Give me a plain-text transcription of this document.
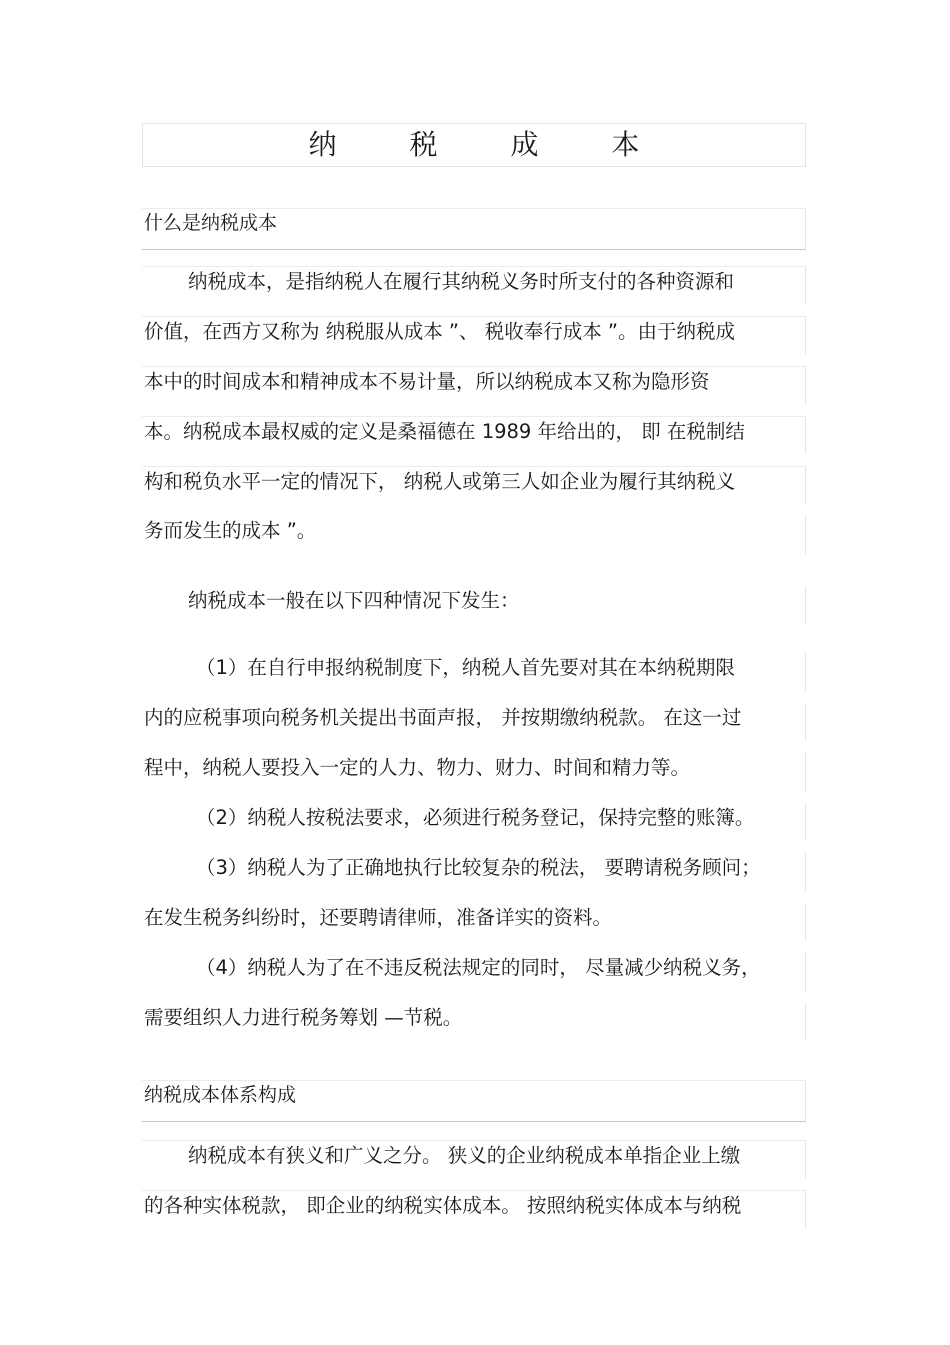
纳 税 成 本
什么是纳税成本
纳税成本，是指纳税人在履行其纳税义务时所支付的各种资源和
价值，在西方又称为 纳税服从成本 ”、 税收奉行成本 ”。由于纳税成
本中的时间成本和精神成本不易计量，所以纳税成本又称为隐形资
本。纳税成本最权威的定义是桑福德在 1989 年给出的， 即 在税制结
构和税负水平一定的情况下， 纳税人或第三人如企业为履行其纳税义
务而发生的成本 ”。
纳税成本一般在以下四种情况下发生：
（1）在自行申报纳税制度下，纳税人首先要对其在本纳税期限
内的应税事项向税务机关提出书面声报， 并按期缴纳税款。 在这一过
程中，纳税人要投入一定的人力、物力、财力、时间和精力等。
（2）纳税人按税法要求，必须进行税务登记，保持完整的账簿。
（3）纳税人为了正确地执行比较复杂的税法， 要聘请税务顾问；
在发生税务纠纷时，还要聘请律师，准备详实的资料。
（4）纳税人为了在不违反税法规定的同时， 尽量减少纳税义务，
需要组织人力进行税务筹划 —节税。
纳税成本体系构成
纳税成本有狭义和广义之分。 狭义的企业纳税成本单指企业上缴
的各种实体税款， 即企业的纳税实体成本。 按照纳税实体成本与纳税
